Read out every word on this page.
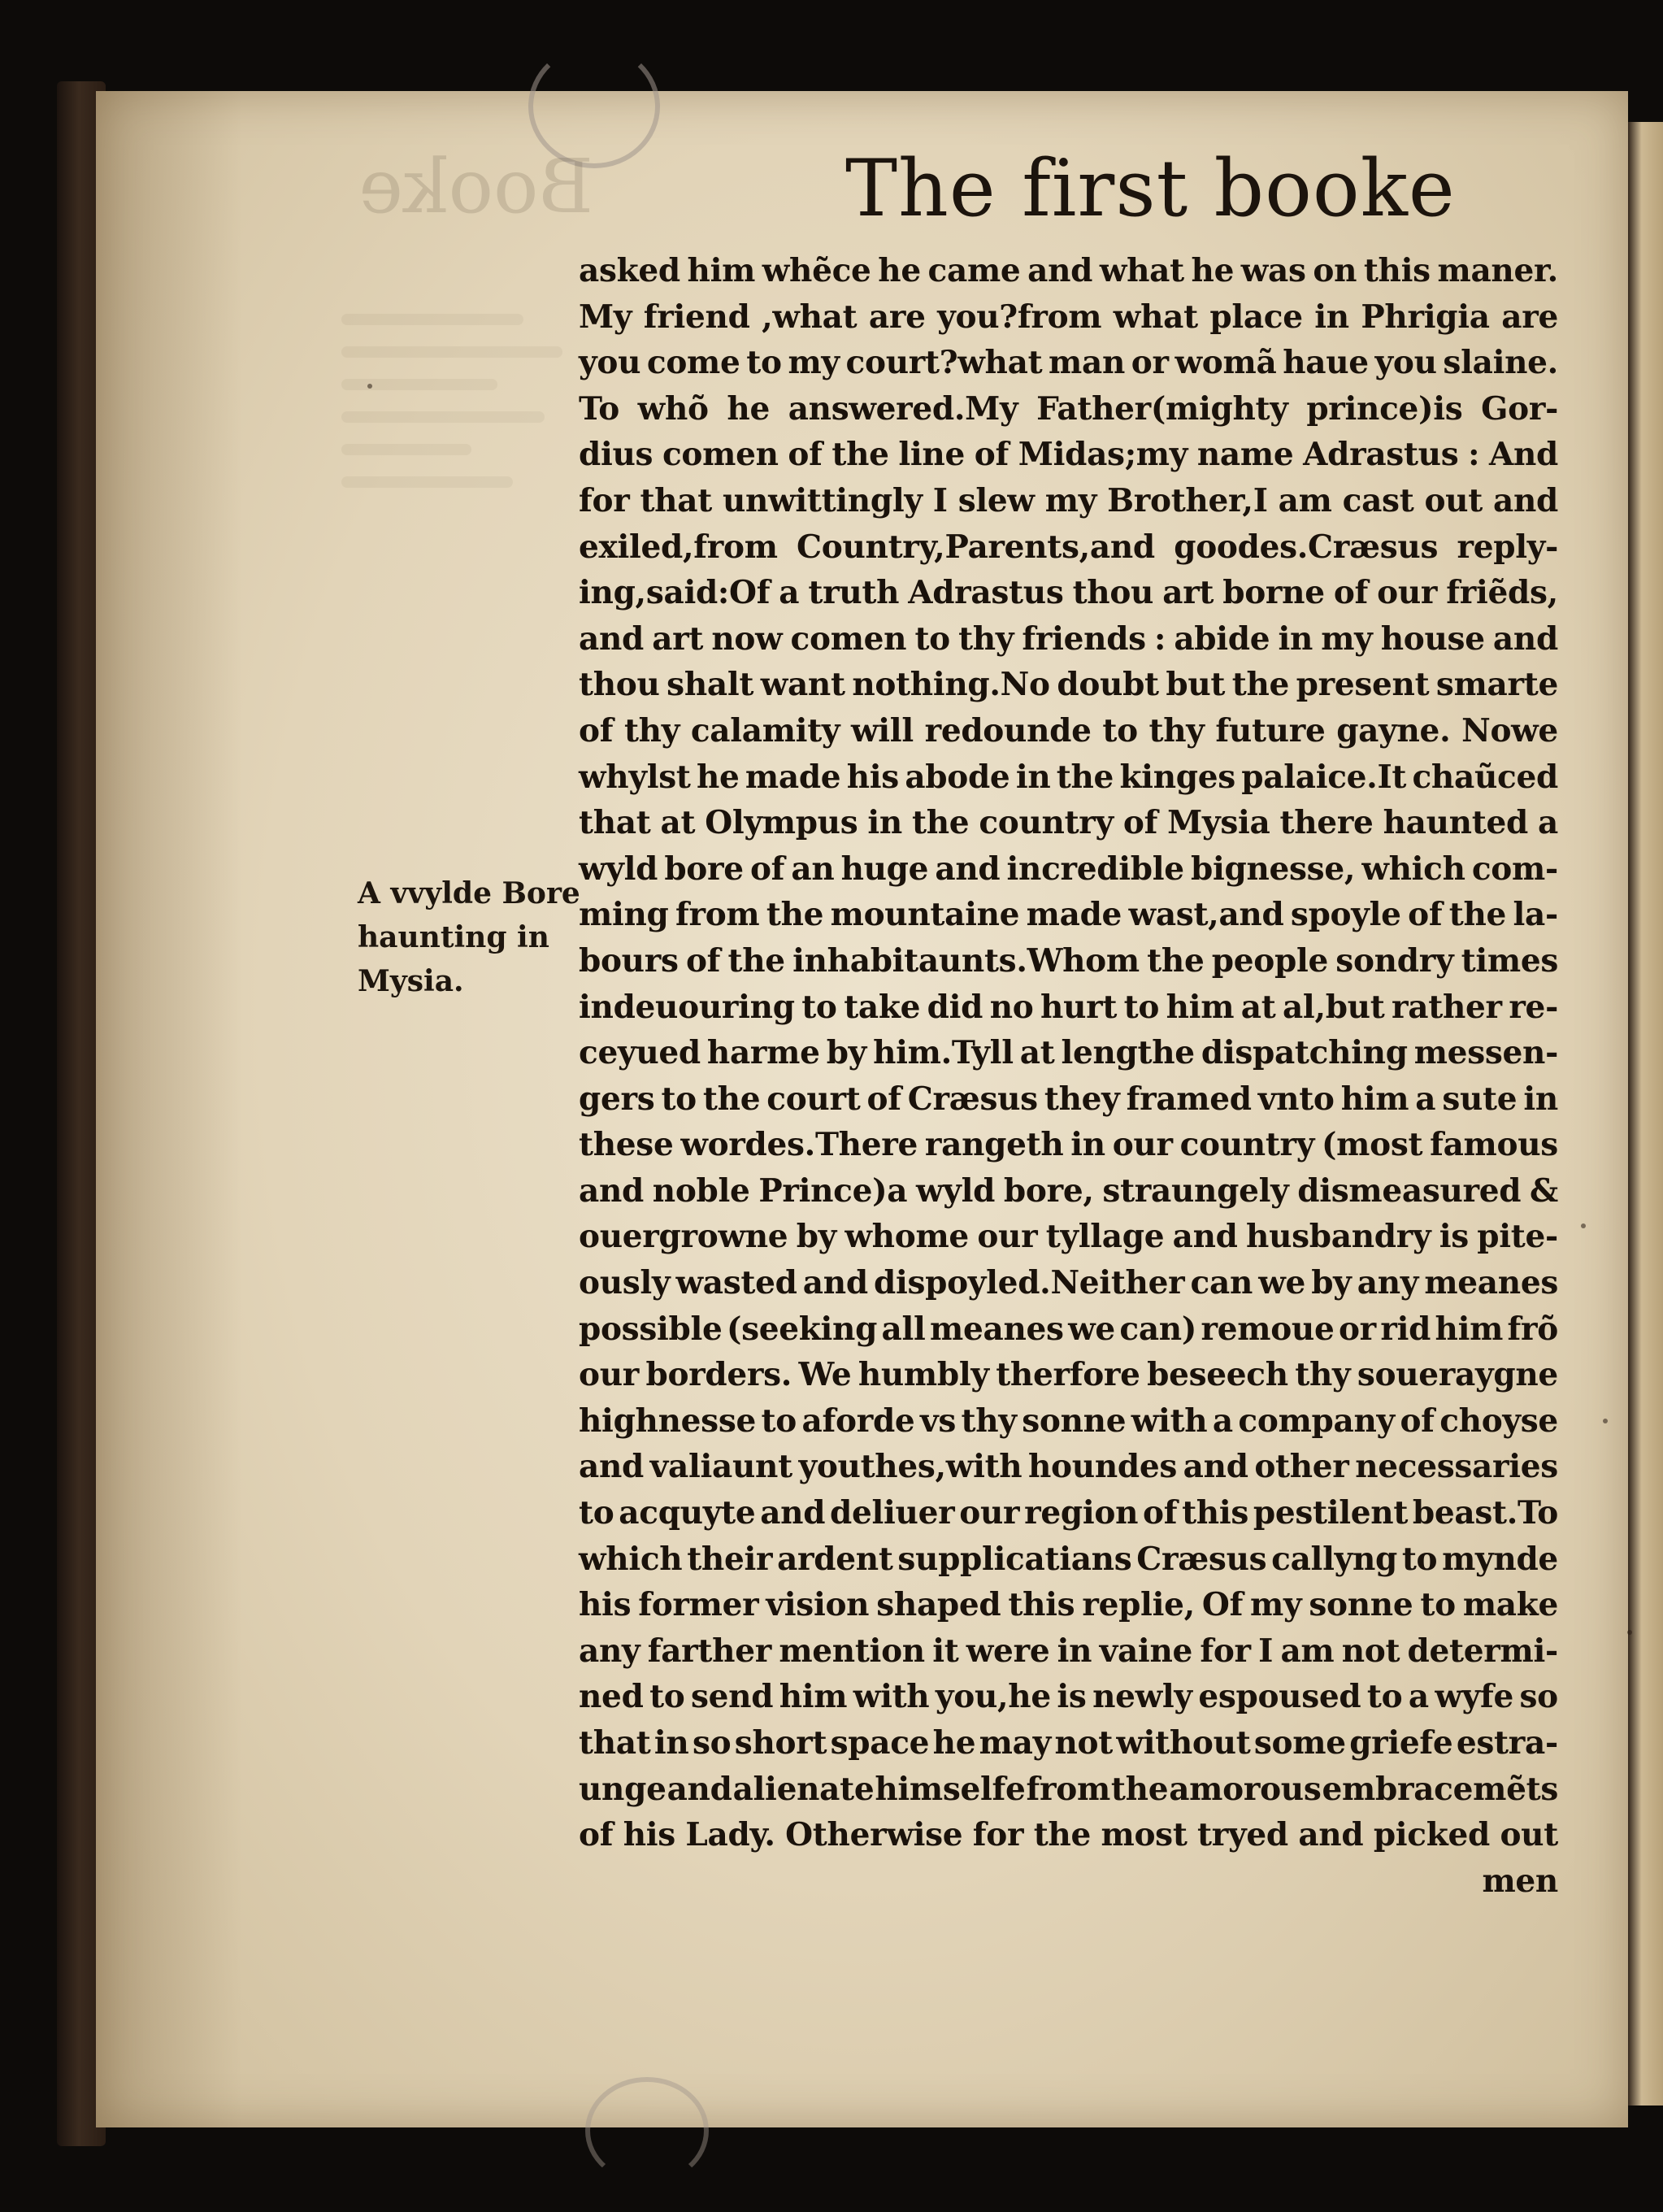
Booke	The first booke
asked him whẽce he came and what he was on this maner.
My friend ,what are you?from what place in Phrigia are
you come to my court?what man or womã haue you slaine.
To whõ he answered.My Father(mighty prince)is Gor-
dius comen of the line of Midas;my name Adrastus : And
for that unwittingly I slew my Brother,I am cast out and
exiled,from Country,Parents,and goodes.Cræsus reply-
ing,said:Of a truth Adrastus thou art borne of our friẽds,
and art now comen to thy friends : abide in my house and
thou shalt want nothing.No doubt but the present smarte
of thy calamity will redounde to thy future gayne. Nowe
whylst he made his abode in the kinges palaice.It chaũced
that at Olympus in the country of Mysia there haunted a
wyld bore of an huge and incredible bignesse, which com-
ming from the mountaine made wast,and spoyle of the la-
bours of the inhabitaunts.Whom the people sondry times
indeuouring to take did no hurt to him at al,but rather re-
ceyued harme by him.Tyll at lengthe dispatching messen-
gers to the court of Cræsus they framed vnto him a sute in
these wordes.There rangeth in our country (most famous
and noble Prince)a wyld bore, straungely dismeasured &
ouergrowne by whome our tyllage and husbandry is pite-
ously wasted and dispoyled.Neither can we by any meanes
possible (seeking all meanes we can) remoue or rid him frõ
our borders. We humbly therfore beseech thy soueraygne
highnesse to aforde vs thy sonne with a company of choyse
and valiaunt youthes,with houndes and other necessaries
to acquyte and deliuer our region of this pestilent beast.To
which their ardent supplicatians Cræsus callyng to mynde
his former vision shaped this replie, Of my sonne to make
any farther mention it were in vaine for I am not determi-
ned to send him with you,he is newly espoused to a wyfe so
that in so short space he may not without some griefe estra-
unge and alienate himselfe from the amorous embracemẽts
of his Lady. Otherwise for the most tryed and picked out
men
A vvylde Bore
haunting in
Mysia.
